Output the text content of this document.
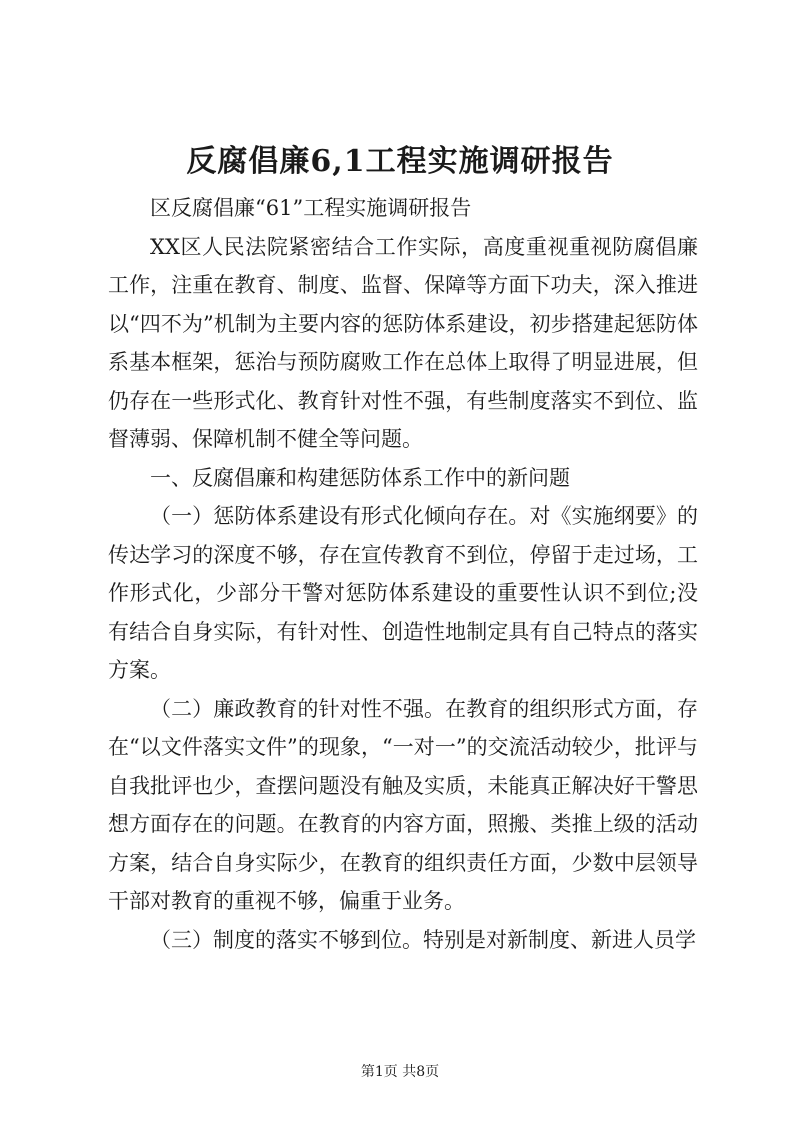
反腐倡廉6,1工程实施调研报告

区反腐倡廉“61”工程实施调研报告

XX区人民法院紧密结合工作实际，高度重视重视防腐倡廉工作，注重在教育、制度、监督、保障等方面下功夫，深入推进以“四不为”机制为主要内容的惩防体系建设，初步搭建起惩防体系基本框架，惩治与预防腐败工作在总体上取得了明显进展，但仍存在一些形式化、教育针对性不强，有些制度落实不到位、监督薄弱、保障机制不健全等问题。

一、反腐倡廉和构建惩防体系工作中的新问题

（一）惩防体系建设有形式化倾向存在。对《实施纲要》的传达学习的深度不够，存在宣传教育不到位，停留于走过场，工作形式化，少部分干警对惩防体系建设的重要性认识不到位;没有结合自身实际，有针对性、创造性地制定具有自己特点的落实方案。

（二）廉政教育的针对性不强。在教育的组织形式方面，存在“以文件落实文件”的现象，“一对一”的交流活动较少，批评与自我批评也少，查摆问题没有触及实质，未能真正解决好干警思想方面存在的问题。在教育的内容方面，照搬、类推上级的活动方案，结合自身实际少，在教育的组织责任方面，少数中层领导干部对教育的重视不够，偏重于业务。

（三）制度的落实不够到位。特别是对新制度、新进人员学

第1页 共8页
